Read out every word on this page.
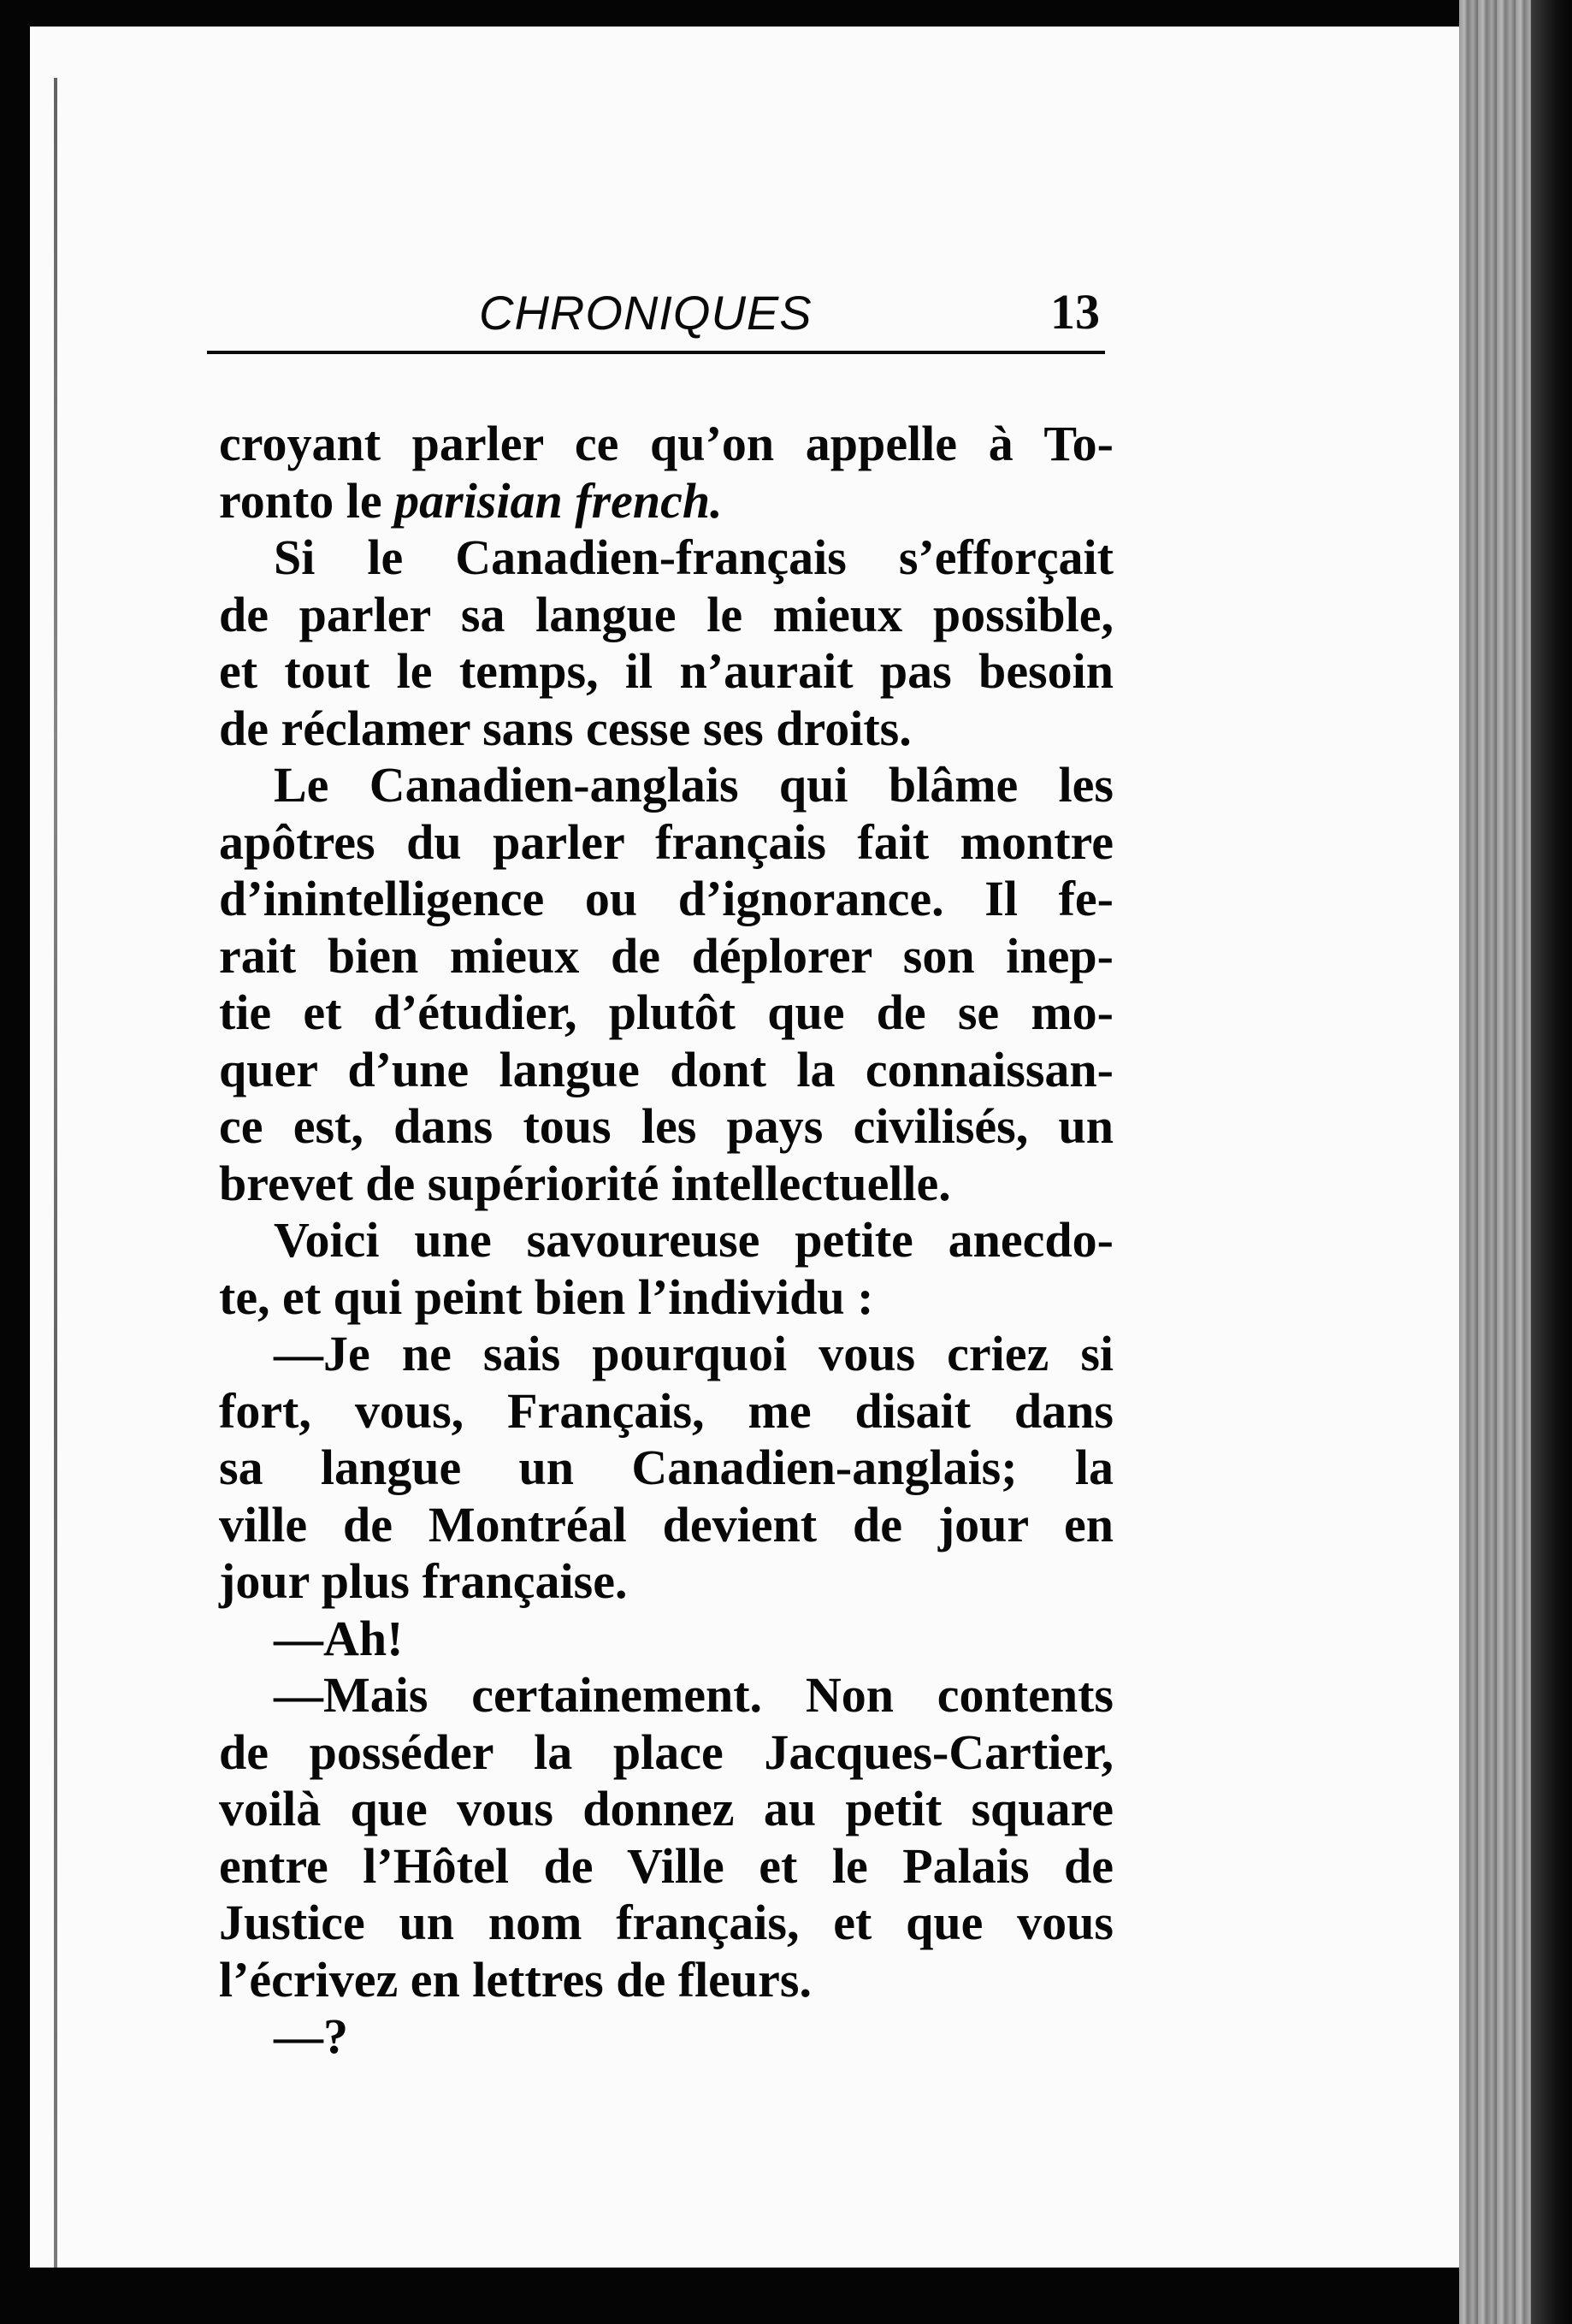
CHRONIQUES	13
croyant parler ce qu’on appelle à To-
ronto le parisian french.
Si le Canadien-français s’efforçait
de parler sa langue le mieux possible,
et tout le temps, il n’aurait pas besoin
de réclamer sans cesse ses droits.
Le Canadien-anglais qui blâme les
apôtres du parler français fait montre
d’inintelligence ou d’ignorance. Il fe-
rait bien mieux de déplorer son inep-
tie et d’étudier, plutôt que de se mo-
quer d’une langue dont la connaissan-
ce est, dans tous les pays civilisés, un
brevet de supériorité intellectuelle.
Voici une savoureuse petite anecdo-
te, et qui peint bien l’individu :
—Je ne sais pourquoi vous criez si
fort, vous, Français, me disait dans
sa langue un Canadien-anglais; la
ville de Montréal devient de jour en
jour plus française.
—Ah!
—Mais certainement. Non contents
de posséder la place Jacques-Cartier,
voilà que vous donnez au petit square
entre l’Hôtel de Ville et le Palais de
Justice un nom français, et que vous
l’écrivez en lettres de fleurs.
—?
